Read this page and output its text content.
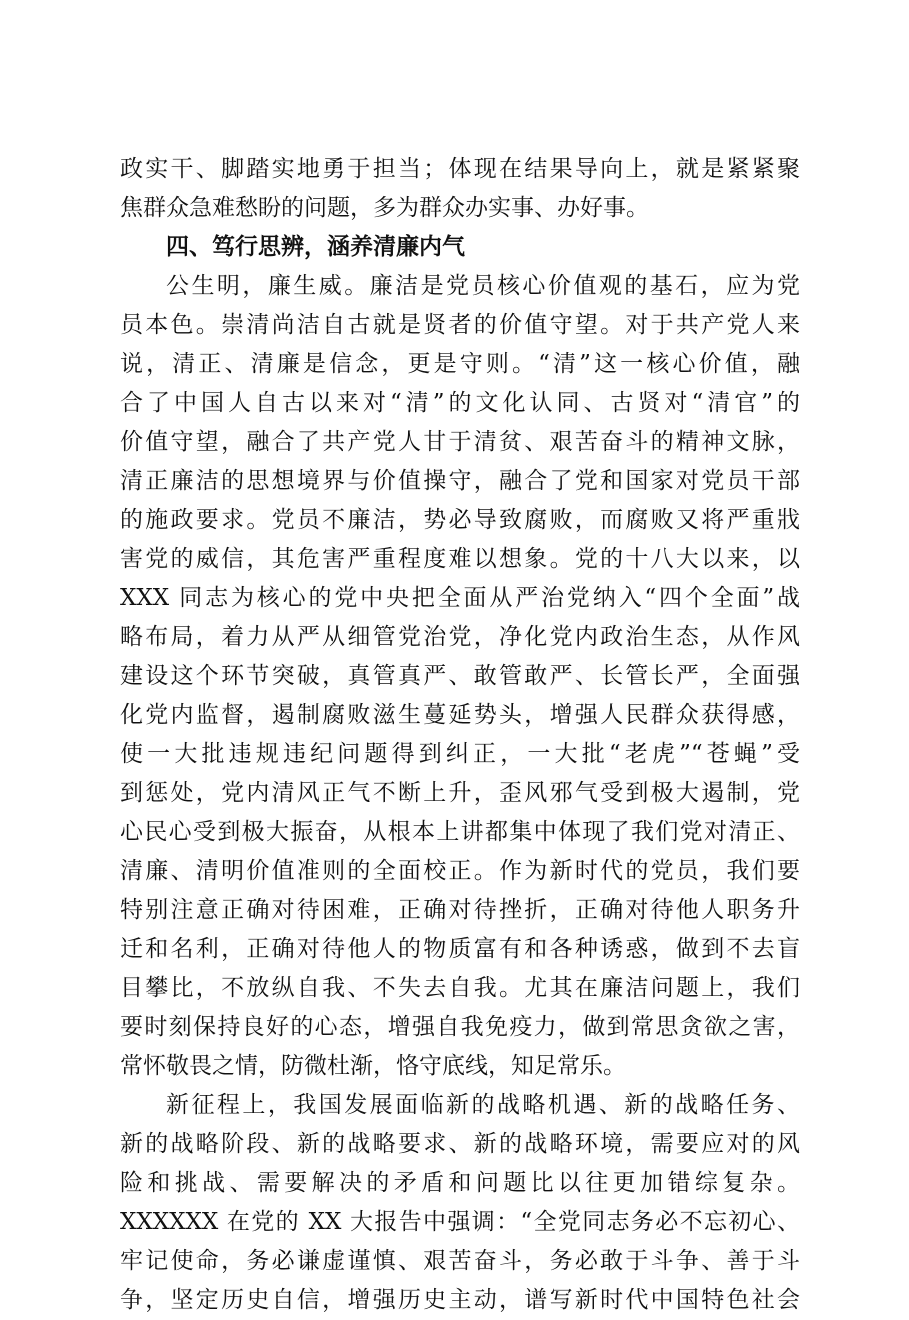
政实干、脚踏实地勇于担当；体现在结果导向上，就是紧紧聚
焦群众急难愁盼的问题，多为群众办实事、办好事。
四、笃行思辨，涵养清廉内气
公生明，廉生威。廉洁是党员核心价值观的基石，应为党
员本色。崇清尚洁自古就是贤者的价值守望。对于共产党人来
说，清正、清廉是信念，更是守则。“清”这一核心价值，融
合了中国人自古以来对“清”的文化认同、古贤对“清官”的
价值守望，融合了共产党人甘于清贫、艰苦奋斗的精神文脉，
清正廉洁的思想境界与价值操守，融合了党和国家对党员干部
的施政要求。党员不廉洁，势必导致腐败，而腐败又将严重戕
害党的威信，其危害严重程度难以想象。党的十八大以来，以
XXX 同志为核心的党中央把全面从严治党纳入“四个全面”战
略布局，着力从严从细管党治党，净化党内政治生态，从作风
建设这个环节突破，真管真严、敢管敢严、长管长严，全面强
化党内监督，遏制腐败滋生蔓延势头，增强人民群众获得感，
使一大批违规违纪问题得到纠正，一大批“老虎”“苍蝇”受
到惩处，党内清风正气不断上升，歪风邪气受到极大遏制，党
心民心受到极大振奋，从根本上讲都集中体现了我们党对清正、
清廉、清明价值准则的全面校正。作为新时代的党员，我们要
特别注意正确对待困难，正确对待挫折，正确对待他人职务升
迁和名利，正确对待他人的物质富有和各种诱惑，做到不去盲
目攀比，不放纵自我、不失去自我。尤其在廉洁问题上，我们
要时刻保持良好的心态，增强自我免疫力，做到常思贪欲之害，
常怀敬畏之情，防微杜渐，恪守底线，知足常乐。
新征程上，我国发展面临新的战略机遇、新的战略任务、
新的战略阶段、新的战略要求、新的战略环境，需要应对的风
险和挑战、需要解决的矛盾和问题比以往更加错综复杂。
XXXXXX 在党的 XX 大报告中强调：“全党同志务必不忘初心、
牢记使命，务必谦虚谨慎、艰苦奋斗，务必敢于斗争、善于斗
争，坚定历史自信，增强历史主动，谱写新时代中国特色社会
